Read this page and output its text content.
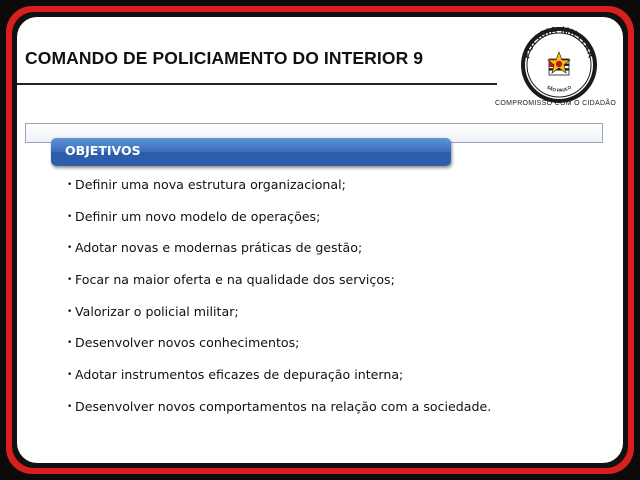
COMANDO DE POLICIAMENTO DO INTERIOR 9	POLICIA MILITAR
SÃO PAULO
COMPROMISSO COM O CIDADÃO
OBJETIVOS
• Definir uma nova estrutura organizacional;
• Definir um novo modelo de operações;
• Adotar novas e modernas práticas de gestão;
• Focar na maior oferta e na qualidade dos serviços;
• Valorizar o policial militar;
• Desenvolver novos conhecimentos;
• Adotar instrumentos eficazes de depuração interna;
• Desenvolver novos comportamentos na relação com a sociedade.
